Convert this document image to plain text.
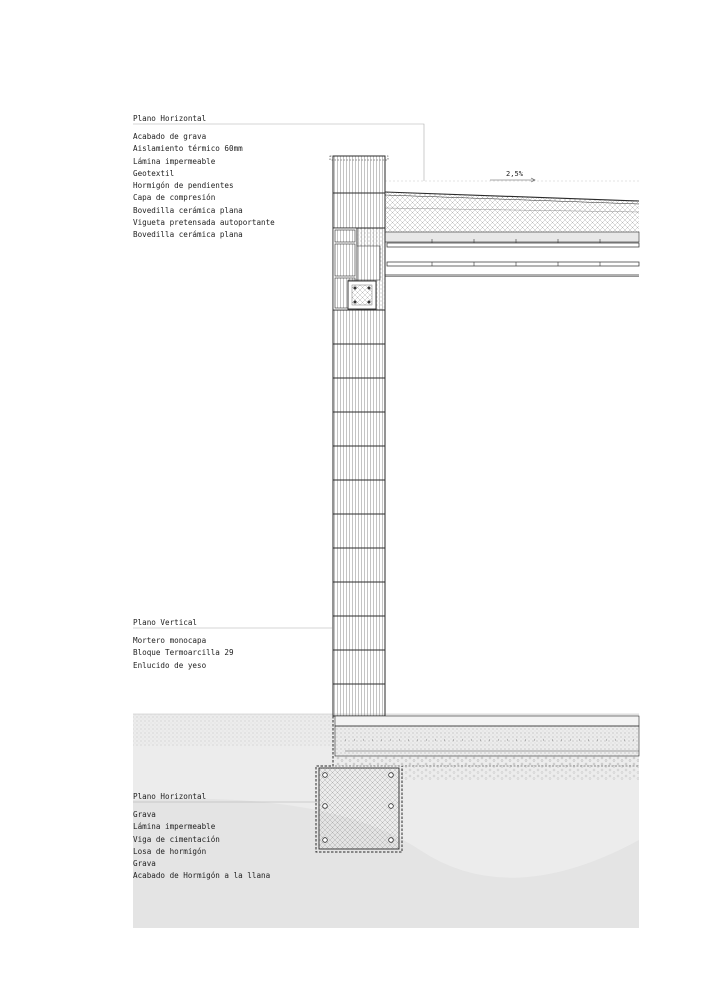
Plano Horizontal
Acabado de grava
Aislamiento térmico 60mm
Lámina impermeable
Geotextil
Hormigón de pendientes
Capa de compresión
Bovedilla cerámica plana
Vigueta pretensada autoportante
Bovedilla cerámica plana
2,5%
Plano Vertical
Mortero monocapa
Bloque Termoarcilla 29
Enlucido de yeso
Plano Horizontal
Grava
Lámina impermeable
Viga de cimentación
Losa de hormigón
Grava
Acabado de Hormigón a la llana
